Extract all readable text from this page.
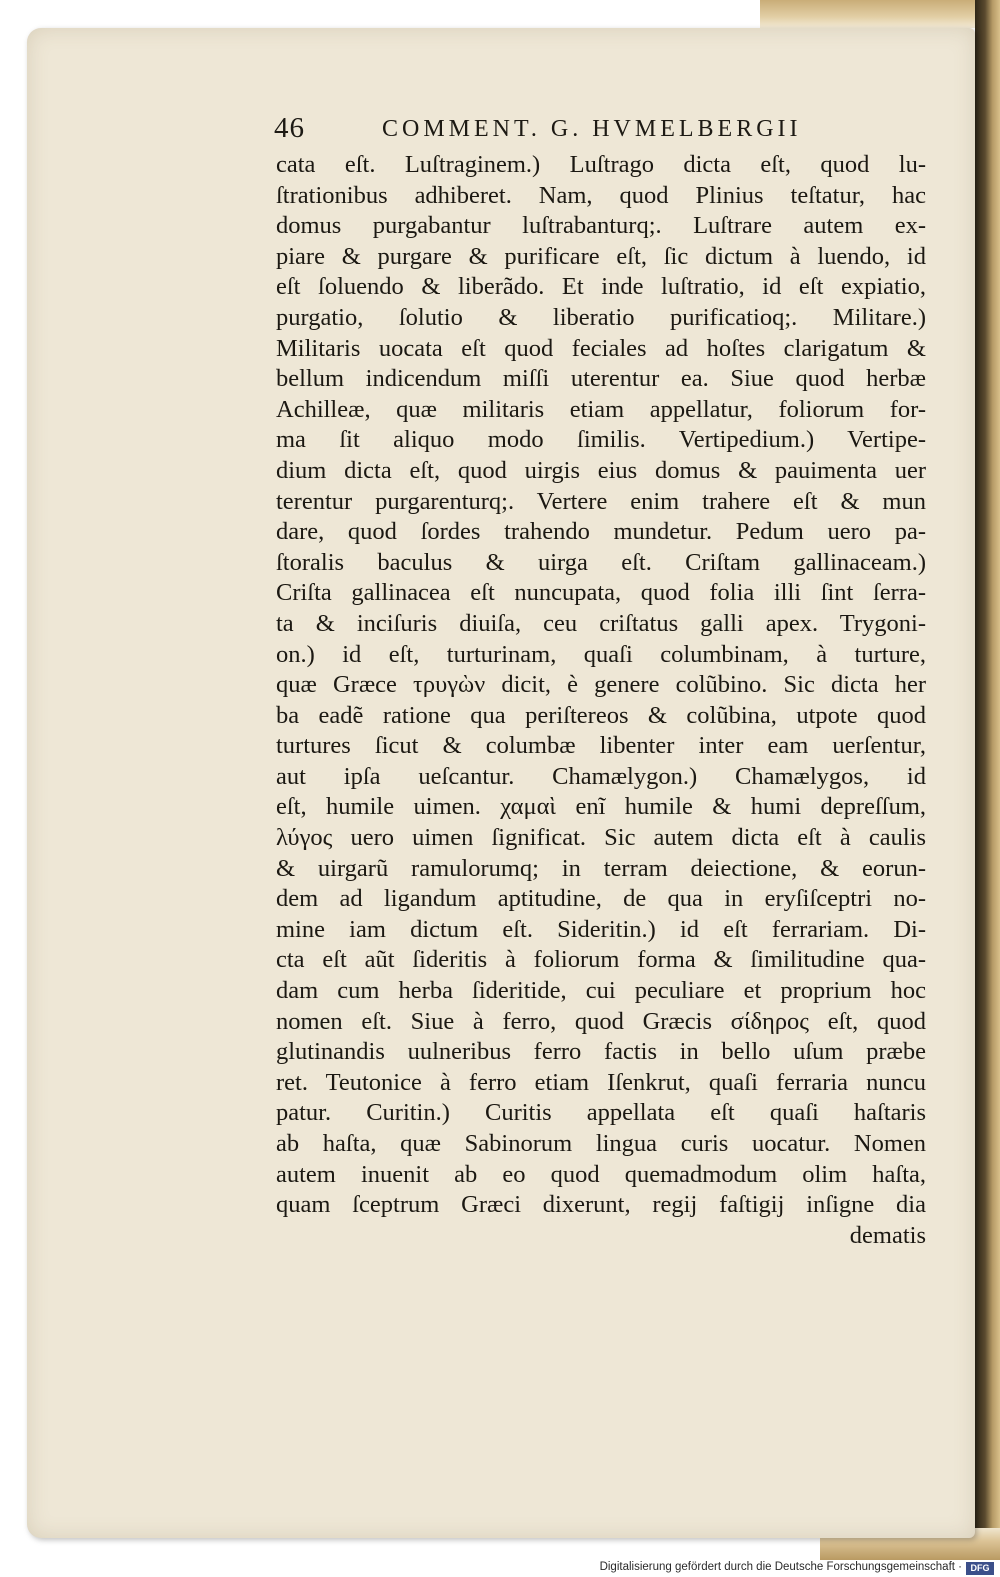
46	COMMENT. G. HVMELBERGII
cata eſt. Luſtraginem.) Luſtrago dicta eſt, quod lu-
ſtrationibus adhiberet. Nam, quod Plinius teſtatur, hac
domus purgabantur luſtrabanturq;. Luſtrare autem ex-
piare & purgare & purificare eſt, ſic dictum à luendo, id
eſt ſoluendo & liberãdo. Et inde luſtratio, id eſt expiatio,
purgatio, ſolutio & liberatio purificatioq;. Militare.)
Militaris uocata eſt quod feciales ad hoſtes clarigatum &
bellum indicendum miſſi uterentur ea. Siue quod herbæ
Achilleæ, quæ militaris etiam appellatur, foliorum for-
ma ſit aliquo modo ſimilis. Vertipedium.) Vertipe-
dium dicta eſt, quod uirgis eius domus & pauimenta uer
terentur purgarenturq;. Vertere enim trahere eſt & mun
dare, quod ſordes trahendo mundetur. Pedum uero pa-
ſtoralis baculus & uirga eſt. Criſtam gallinaceam.)
Criſta gallinacea eſt nuncupata, quod folia illi ſint ſerra-
ta & inciſuris diuiſa, ceu criſtatus galli apex. Trygoni-
on.) id eſt, turturinam, quaſi columbinam, à turture,
quæ Græce τρυγὼν dicit, è genere colũbino. Sic dicta her
ba eadẽ ratione qua periſtereos & colũbina, utpote quod
turtures ſicut & columbæ libenter inter eam uerſentur,
aut ipſa ueſcantur. Chamælygon.) Chamælygos, id
eſt, humile uimen. χαμαὶ enĩ humile & humi depreſſum,
λύγος uero uimen ſignificat. Sic autem dicta eſt à caulis
& uirgarũ ramulorumq; in terram deiectione, & eorun-
dem ad ligandum aptitudine, de qua in eryſiſceptri no-
mine iam dictum eſt. Sideritin.) id eſt ferrariam. Di-
cta eſt aũt ſideritis à foliorum forma & ſimilitudine qua-
dam cum herba ſideritide, cui peculiare et proprium hoc
nomen eſt. Siue à ferro, quod Græcis σίδηρος eſt, quod
glutinandis uulneribus ferro factis in bello uſum præbe
ret. Teutonice à ferro etiam Iſenkrut, quaſi ferraria nuncu
patur. Curitin.) Curitis appellata eſt quaſi haſtaris
ab haſta, quæ Sabinorum lingua curis uocatur. Nomen
autem inuenit ab eo quod quemadmodum olim haſta,
quam ſceptrum Græci dixerunt, regij faſtigij inſigne dia
dematis
Digitalisierung gefördert durch die Deutsche Forschungsgemeinschaft · DFG
